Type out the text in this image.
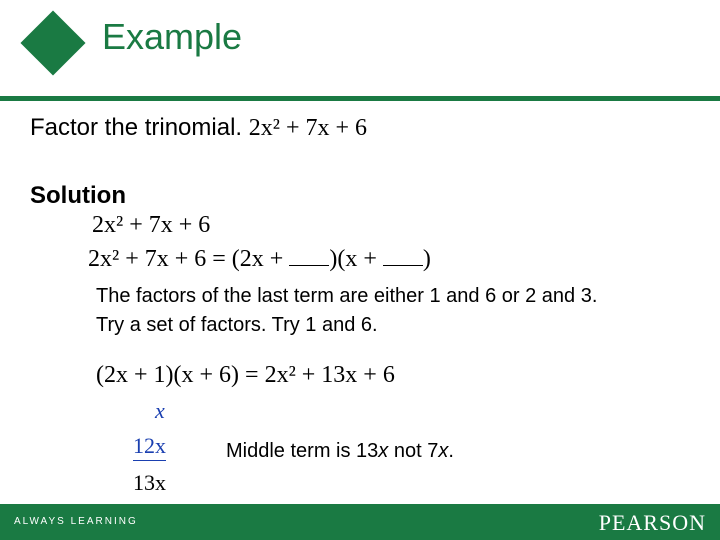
Example
Factor the trinomial. 2x² + 7x + 6
Solution
2x² + 7x + 6
2x² + 7x + 6 = (2x + )(x + )
The factors of the last term are either 1 and 6 or 2 and 3.
Try a set of factors. Try 1 and 6.
(2x + 1)(x + 6) = 2x² + 13x + 6
x
12x
13x
Middle term is 13x not 7x.
ALWAYS LEARNING	PEARSON
